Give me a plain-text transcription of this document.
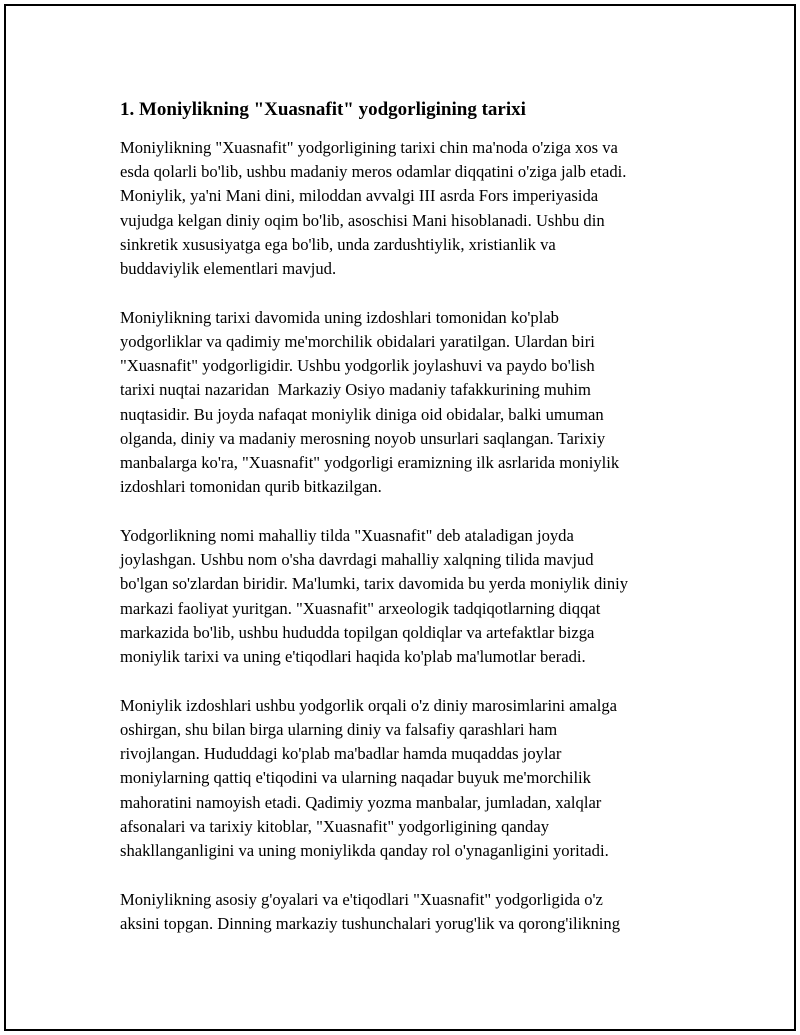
1. Moniylikning "Xuasnafit" yodgorligining tarixi
Moniylikning "Xuasnafit" yodgorligining tarixi chin ma'noda o'ziga xos va
esda qolarli bo'lib, ushbu madaniy meros odamlar diqqatini o'ziga jalb etadi.
Moniylik, ya'ni Mani dini, miloddan avvalgi III asrda Fors imperiyasida
vujudga kelgan diniy oqim bo'lib, asoschisi Mani hisoblanadi. Ushbu din
sinkretik xususiyatga ega bo'lib, unda zardushtiylik, xristianlik va
buddaviylik elementlari mavjud.
Moniylikning tarixi davomida uning izdoshlari tomonidan ko'plab
yodgorliklar va qadimiy me'morchilik obidalari yaratilgan. Ulardan biri
"Xuasnafit" yodgorligidir. Ushbu yodgorlik joylashuvi va paydo bo'lish
tarixi nuqtai nazaridan  Markaziy Osiyo madaniy tafakkurining muhim
nuqtasidir. Bu joyda nafaqat moniylik diniga oid obidalar, balki umuman
olganda, diniy va madaniy merosning noyob unsurlari saqlangan. Tarixiy
manbalarga ko'ra, "Xuasnafit" yodgorligi eramizning ilk asrlarida moniylik
izdoshlari tomonidan qurib bitkazilgan.
Yodgorlikning nomi mahalliy tilda "Xuasnafit" deb ataladigan joyda
joylashgan. Ushbu nom o'sha davrdagi mahalliy xalqning tilida mavjud
bo'lgan so'zlardan biridir. Ma'lumki, tarix davomida bu yerda moniylik diniy
markazi faoliyat yuritgan. "Xuasnafit" arxeologik tadqiqotlarning diqqat
markazida bo'lib, ushbu hududda topilgan qoldiqlar va artefaktlar bizga
moniylik tarixi va uning e'tiqodlari haqida ko'plab ma'lumotlar beradi.
Moniylik izdoshlari ushbu yodgorlik orqali o'z diniy marosimlarini amalga
oshirgan, shu bilan birga ularning diniy va falsafiy qarashlari ham
rivojlangan. Hududdagi ko'plab ma'badlar hamda muqaddas joylar
moniylarning qattiq e'tiqodini va ularning naqadar buyuk me'morchilik
mahoratini namoyish etadi. Qadimiy yozma manbalar, jumladan, xalqlar
afsonalari va tarixiy kitoblar, "Xuasnafit" yodgorligining qanday
shakllanganligini va uning moniylikda qanday rol o'ynaganligini yoritadi.
Moniylikning asosiy g'oyalari va e'tiqodlari "Xuasnafit" yodgorligida o'z
aksini topgan. Dinning markaziy tushunchalari yorug'lik va qorong'ilikning
